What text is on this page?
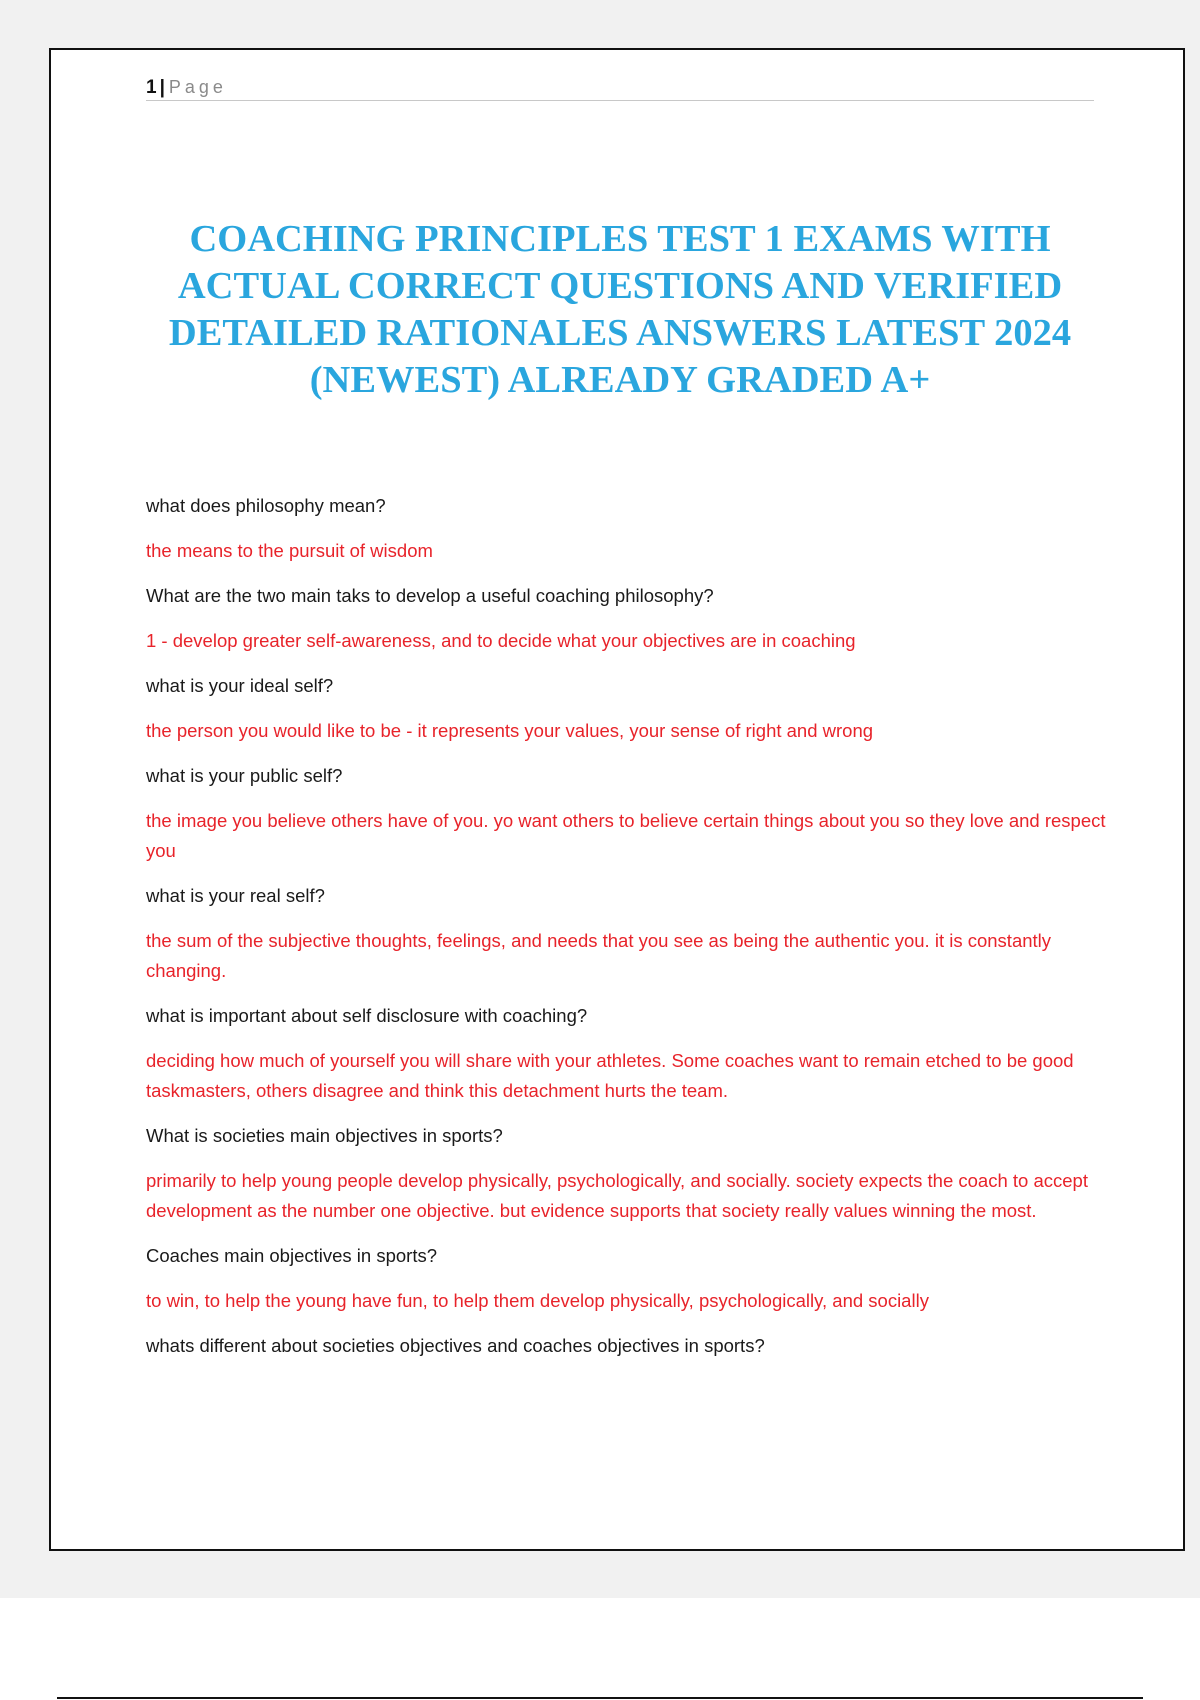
1 | Page
COACHING PRINCIPLES TEST 1 EXAMS WITH ACTUAL CORRECT QUESTIONS AND VERIFIED DETAILED RATIONALES ANSWERS LATEST 2024 (NEWEST) ALREADY GRADED A+

what does philosophy mean?

the means to the pursuit of wisdom

What are the two main taks to develop a useful coaching philosophy?

1 - develop greater self-awareness, and to decide what your objectives are in coaching

what is your ideal self?

the person you would like to be - it represents your values, your sense of right and wrong

what is your public self?

the image you believe others have of you. yo want others to believe certain things about you so they love and respect you

what is your real self?

the sum of the subjective thoughts, feelings, and needs that you see as being the authentic you. it is constantly changing.

what is important about self disclosure with coaching?

deciding how much of yourself you will share with your athletes. Some coaches want to remain etched to be good taskmasters, others disagree and think this detachment hurts the team.

What is societies main objectives in sports?

primarily to help young people develop physically, psychologically, and socially. society expects the coach to accept development as the number one objective. but evidence supports that society really values winning the most.

Coaches main objectives in sports?

to win, to help the young have fun, to help them develop physically, psychologically, and socially

whats different about societies objectives and coaches objectives in sports?
